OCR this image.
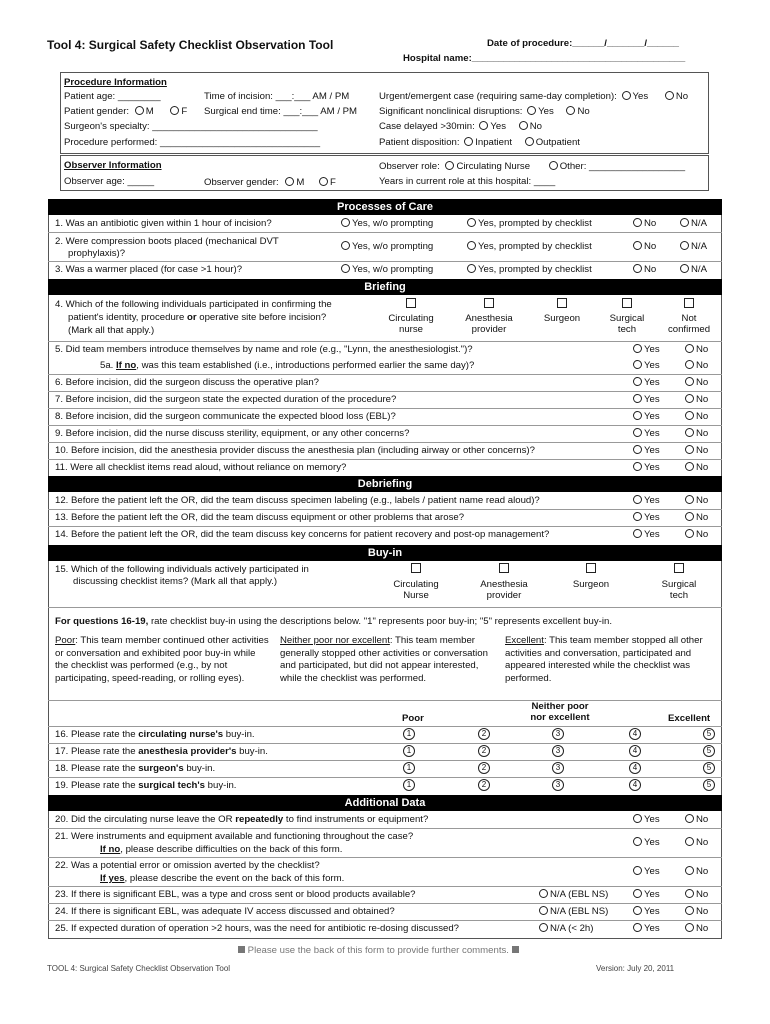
Tool 4: Surgical Safety Checklist Observation Tool	Date of procedure:______/_______/______
Hospital name:________________________________________
Procedure Information
Patient age: ________
Patient gender: M	F
Surgeon's specialty: _______________________________
Procedure performed: ______________________________
Time of incision: ___:___ AM / PM
Surgical end time: ___:___ AM / PM
Urgent/emergent case (requiring same-day completion): Yes	No
Significant nonclinical disruptions: Yes No
Case delayed >30min: Yes No
Patient disposition: Inpatient Outpatient
Observer Information
Observer age: _____	Observer gender: M	F
Observer role: Circulating Nurse	Other: __________________
Years in current role at this hospital: ____
Processes of Care
1. Was an antibiotic given within 1 hour of incision?	Yes, w/o prompting	Yes, prompted by checklist	No	N/A
2. Were compression boots placed (mechanical DVT
prophylaxis)?
Yes, w/o prompting	Yes, prompted by checklist	No	N/A
3. Was a warmer placed (for case >1 hour)?	Yes, w/o prompting	Yes, prompted by checklist	No	N/A
Briefing
4. Which of the following individuals participated in confirming the
patient's identity, procedure or operative site before incision?
(Mark all that apply.)
Circulating nurse
Anesthesia provider
Surgeon	Surgical tech
Not confirmed
5. Did team members introduce themselves by name and role (e.g., "Lynn, the anesthesiologist.")?	Yes	No
5a. If no, was this team established (i.e., introductions performed earlier the same day)?	Yes	No
6. Before incision, did the surgeon discuss the operative plan?	Yes	No
7. Before incision, did the surgeon state the expected duration of the procedure?	Yes	No
8. Before incision, did the surgeon communicate the expected blood loss (EBL)?	Yes	No
9. Before incision, did the nurse discuss sterility, equipment, or any other concerns?	Yes	No
10. Before incision, did the anesthesia provider discuss the anesthesia plan (including airway or other concerns)?	Yes	No
11. Were all checklist items read aloud, without reliance on memory?	Yes	No
Debriefing
12. Before the patient left the OR, did the team discuss specimen labeling (e.g., labels / patient name read aloud)?	Yes	No
13. Before the patient left the OR, did the team discuss equipment or other problems that arose?	Yes	No
14. Before the patient left the OR, did the team discuss key concerns for patient recovery and post-op management?	Yes	No
Buy-in
15. Which of the following individuals actively participated in
discussing checklist items? (Mark all that apply.)	Circulating Nurse
Anesthesia provider
Surgeon	Surgical tech
For questions 16-19, rate checklist buy-in using the descriptions below. "1" represents poor buy-in; "5" represents excellent buy-in.
Poor: This team member continued other activities or conversation and exhibited poor buy-in while the checklist was performed (e.g., by not participating, speed-reading, or rolling eyes).
Neither poor nor excellent: This team member generally stopped other activities or conversation and participated, but did not appear interested, while the checklist was performed.
Excellent: This team member stopped all other activities and conversation, participated and appeared interested while the checklist was performed.
Poor
Neither poor
nor excellent	Excellent
16. Please rate the circulating nurse's buy-in.	1	2	3	4	5
17. Please rate the anesthesia provider's buy-in.	1	2	3	4	5
18. Please rate the surgeon's buy-in.	1	2	3	4	5
19. Please rate the surgical tech's buy-in.	1	2	3	4	5
Additional Data
20. Did the circulating nurse leave the OR repeatedly to find instruments or equipment?	Yes	No
21. Were instruments and equipment available and functioning throughout the case?
If no, please describe difficulties on the back of this form.
Yes	No
22. Was a potential error or omission averted by the checklist?
If yes, please describe the event on the back of this form.
Yes	No
23. If there is significant EBL, was a type and cross sent or blood products available?	N/A (EBL NS)	Yes	No
24. If there is significant EBL, was adequate IV access discussed and obtained?	N/A (EBL NS)	Yes	No
25. If expected duration of operation >2 hours, was the need for antibiotic re-dosing discussed?	N/A (< 2h)	Yes	No
Please use the back of this form to provide further comments.
TOOL 4: Surgical Safety Checklist Observation Tool	Version: July 20, 2011
